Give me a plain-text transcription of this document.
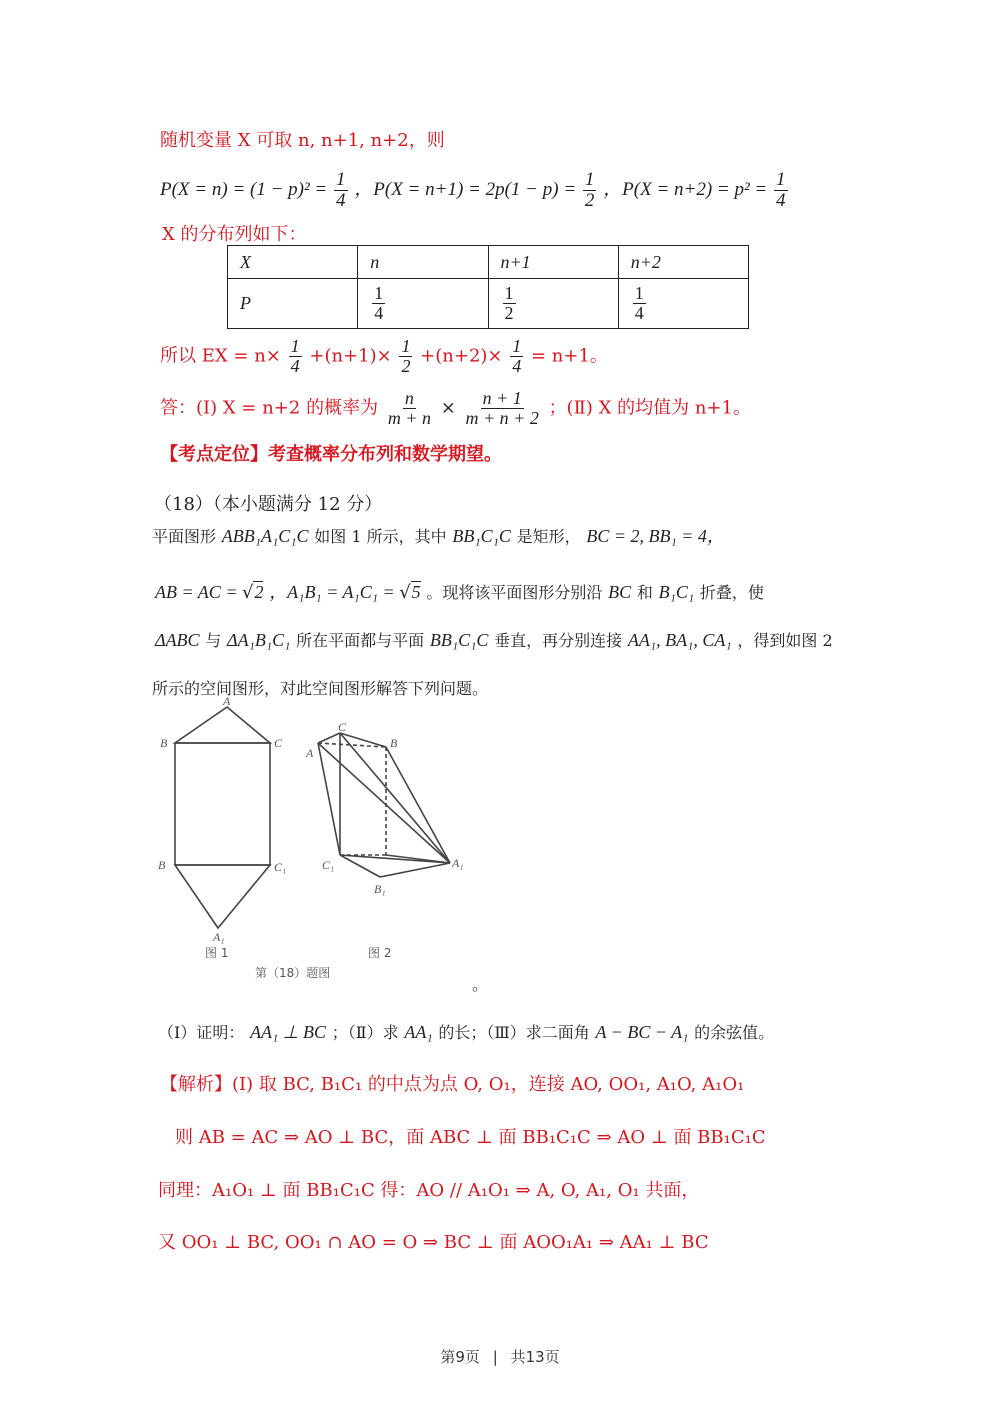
随机变量 X 可取 n, n+1, n+2，则
$P(X = n) = (1 - p)^2 = \frac{1}{4}$ ，$P(X = n+1) = 2p(1 - p) = \frac{1}{2}$ ，$P(X = n+2) = p^2 = \frac{1}{4}$
X 的分布列如下：
X	n	n+1	n+2
P	$\frac{1}{4}$	$\frac{1}{2}$	$\frac{1}{4}$
所以 EX = $n\times \frac{1}{4} +(n+1)\times \frac{1}{2} +(n+2)\times \frac{1}{4} = n+1$。
答：(Ⅰ) X = n+2 的概率为 $\frac{n}{m + n} \times \frac{n + 1}{m + n + 2}$ ；(Ⅱ) X 的均值为 n+1。
【考点定位】考查概率分布列和数学期望。
（18）（本小题满分 12 分）
平面图形 ABB₁A₁C₁C 如图 1 所示，其中 BB₁C₁C 是矩形， BC = 2, BB₁ = 4，
AB = AC = √2 ，A₁B₁ = A₁C₁ = √5 。现将该平面图形分别沿 BC 和 B₁C₁ 折叠，使
ΔABC 与 ΔA₁B₁C₁ 所在平面都与平面 BB₁C₁C 垂直，再分别连接 AA₁, BA₁, CA₁ ，得到如图 2
所示的空间图形，对此空间图形解答下列问题。
A
B	C
B	C₁
A₁
C
B
A
C₁
B₁
A₁
图 1	图 2
第（18）题图
。
（Ⅰ）证明： AA₁ ⊥ BC ；（Ⅱ）求 AA₁ 的长；（Ⅲ）求二面角 A − BC − A₁ 的余弦值。
【解析】(Ⅰ) 取 BC, B₁C₁ 的中点为点 O, O₁，连接 AO, OO₁, A₁O, A₁O₁
则 AB = AC ⇒ AO ⊥ BC，面 ABC ⊥ 面 BB₁C₁C ⇒ AO ⊥ 面 BB₁C₁C
同理：A₁O₁ ⊥ 面 BB₁C₁C 得：AO // A₁O₁ ⇒ A, O, A₁, O₁ 共面，
又 OO₁ ⊥ BC, OO₁ ∩ AO = O ⇒ BC ⊥ 面 AOO₁A₁ ⇒ AA₁ ⊥ BC
第9页 | 共13页
